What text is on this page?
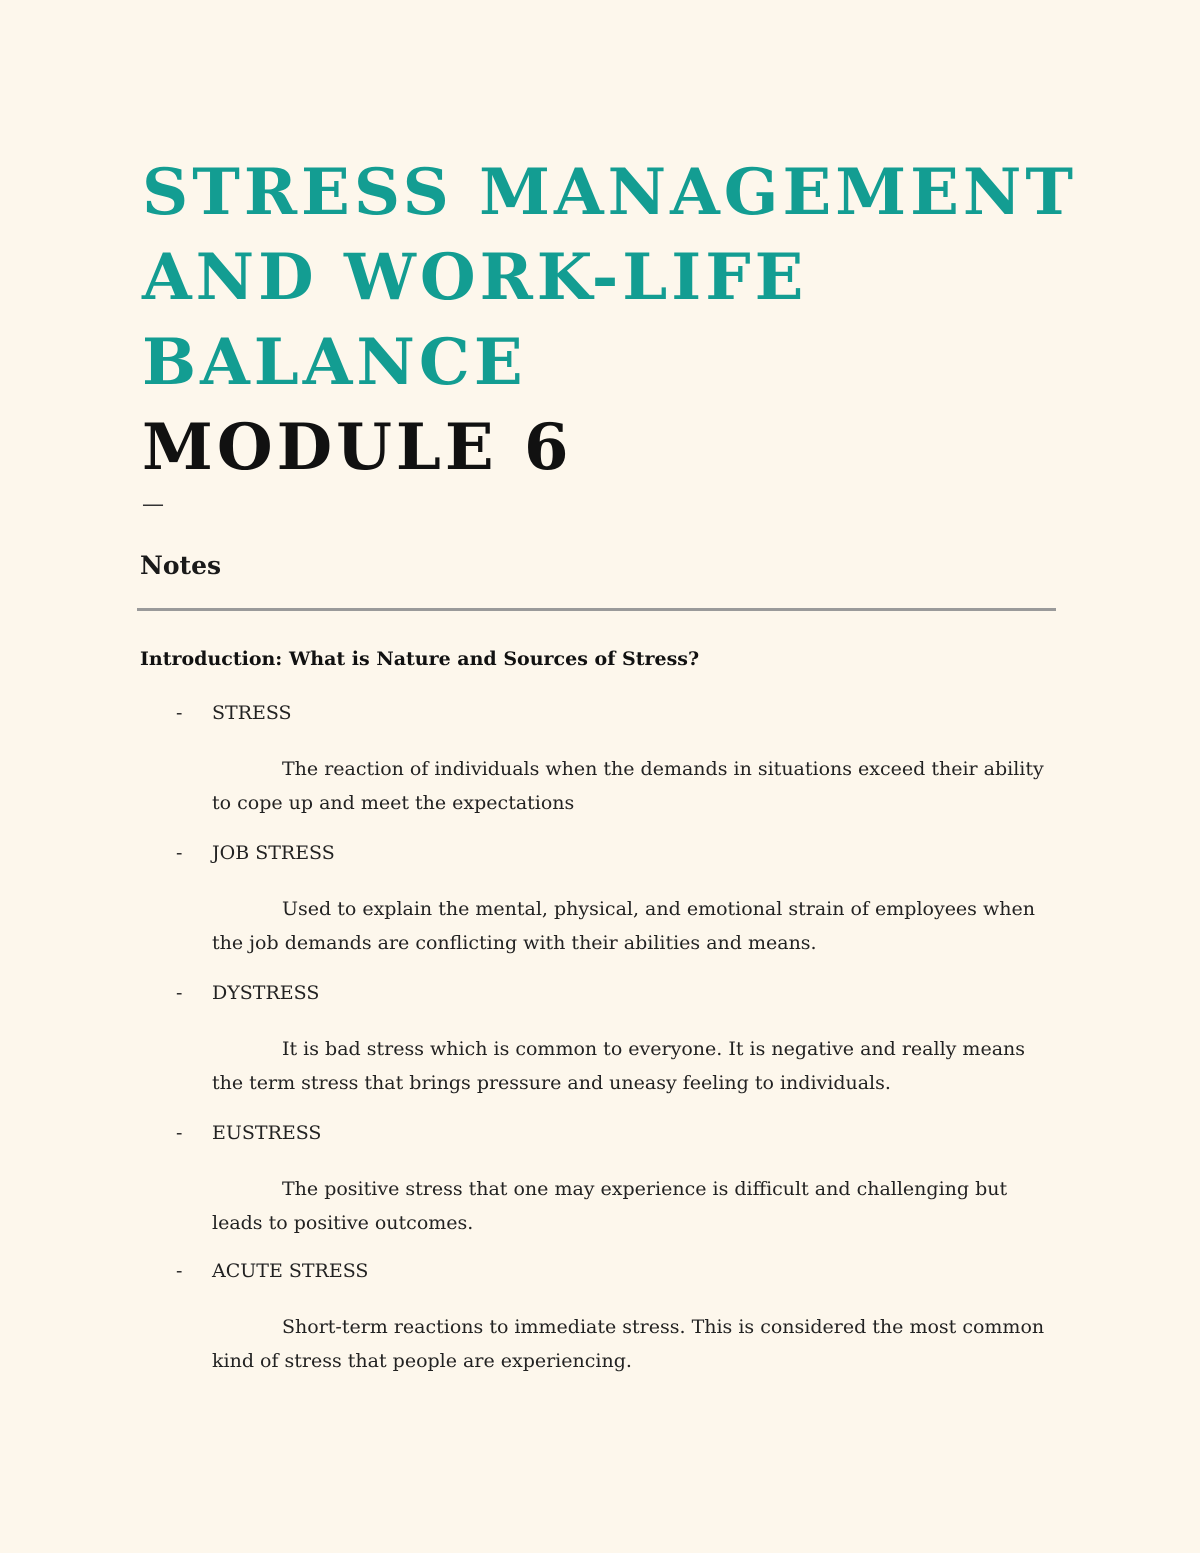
STRESS MANAGEMENT
AND WORK-LIFE
BALANCE
MODULE 6
—
Notes
Introduction: What is Nature and Sources of Stress?
- STRESS
The reaction of individuals when the demands in situations exceed their ability to cope up and meet the expectations
- JOB STRESS
Used to explain the mental, physical, and emotional strain of employees when the job demands are conflicting with their abilities and means.
- DYSTRESS
It is bad stress which is common to everyone. It is negative and really means the term stress that brings pressure and uneasy feeling to individuals.
- EUSTRESS
The positive stress that one may experience is difficult and challenging but leads to positive outcomes.
- ACUTE STRESS
Short-term reactions to immediate stress. This is considered the most common kind of stress that people are experiencing.
